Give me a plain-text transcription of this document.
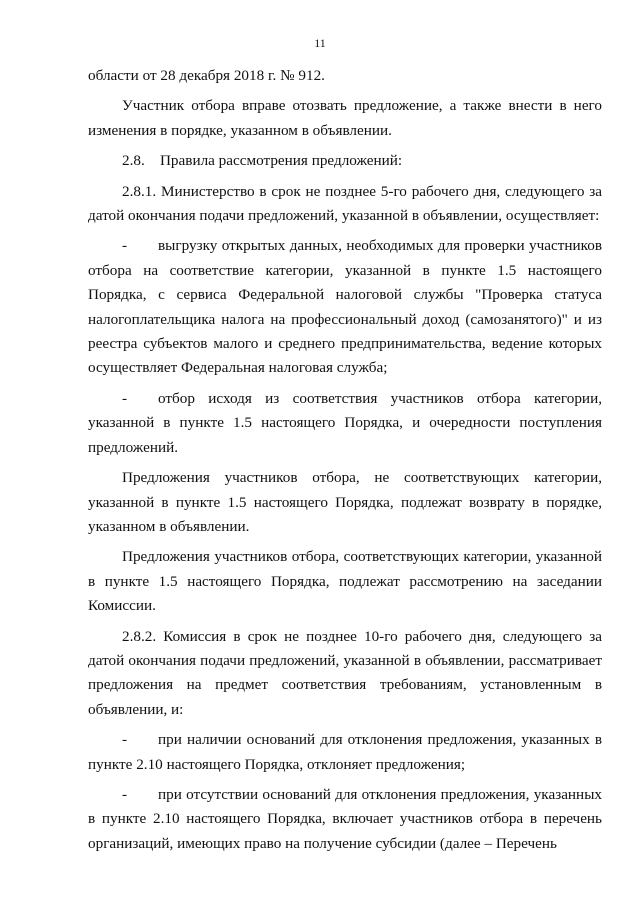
11

области от 28 декабря 2018 г. № 912.

Участник отбора вправе отозвать предложение, а также внести в него изменения в порядке, указанном в объявлении.

2.8.    Правила рассмотрения предложений:

2.8.1. Министерство в срок не позднее 5-го рабочего дня, следующего за датой окончания подачи предложений, указанной в объявлении, осуществляет:

- выгрузку открытых данных, необходимых для проверки участников отбора на соответствие категории, указанной в пункте 1.5 настоящего Порядка, с сервиса Федеральной налоговой службы "Проверка статуса налогоплательщика налога на профессиональный доход (самозанятого)" и из реестра субъектов малого и среднего предпринимательства, ведение которых осуществляет Федеральная налоговая служба;

- отбор исходя из соответствия участников отбора категории, указанной в пункте 1.5 настоящего Порядка, и очередности поступления предложений.

Предложения участников отбора, не соответствующих категории, указанной в пункте 1.5 настоящего Порядка, подлежат возврату в порядке, указанном в объявлении.

Предложения участников отбора, соответствующих категории, указанной в пункте 1.5 настоящего Порядка, подлежат рассмотрению на заседании Комиссии.

2.8.2. Комиссия в срок не позднее 10-го рабочего дня, следующего за датой окончания подачи предложений, указанной в объявлении, рассматривает предложения на предмет соответствия требованиям, установленным в объявлении, и:

- при наличии оснований для отклонения предложения, указанных в пункте 2.10 настоящего Порядка, отклоняет предложения;

- при отсутствии оснований для отклонения предложения, указанных в пункте 2.10 настоящего Порядка, включает участников отбора в перечень организаций, имеющих право на получение субсидии (далее – Перечень
